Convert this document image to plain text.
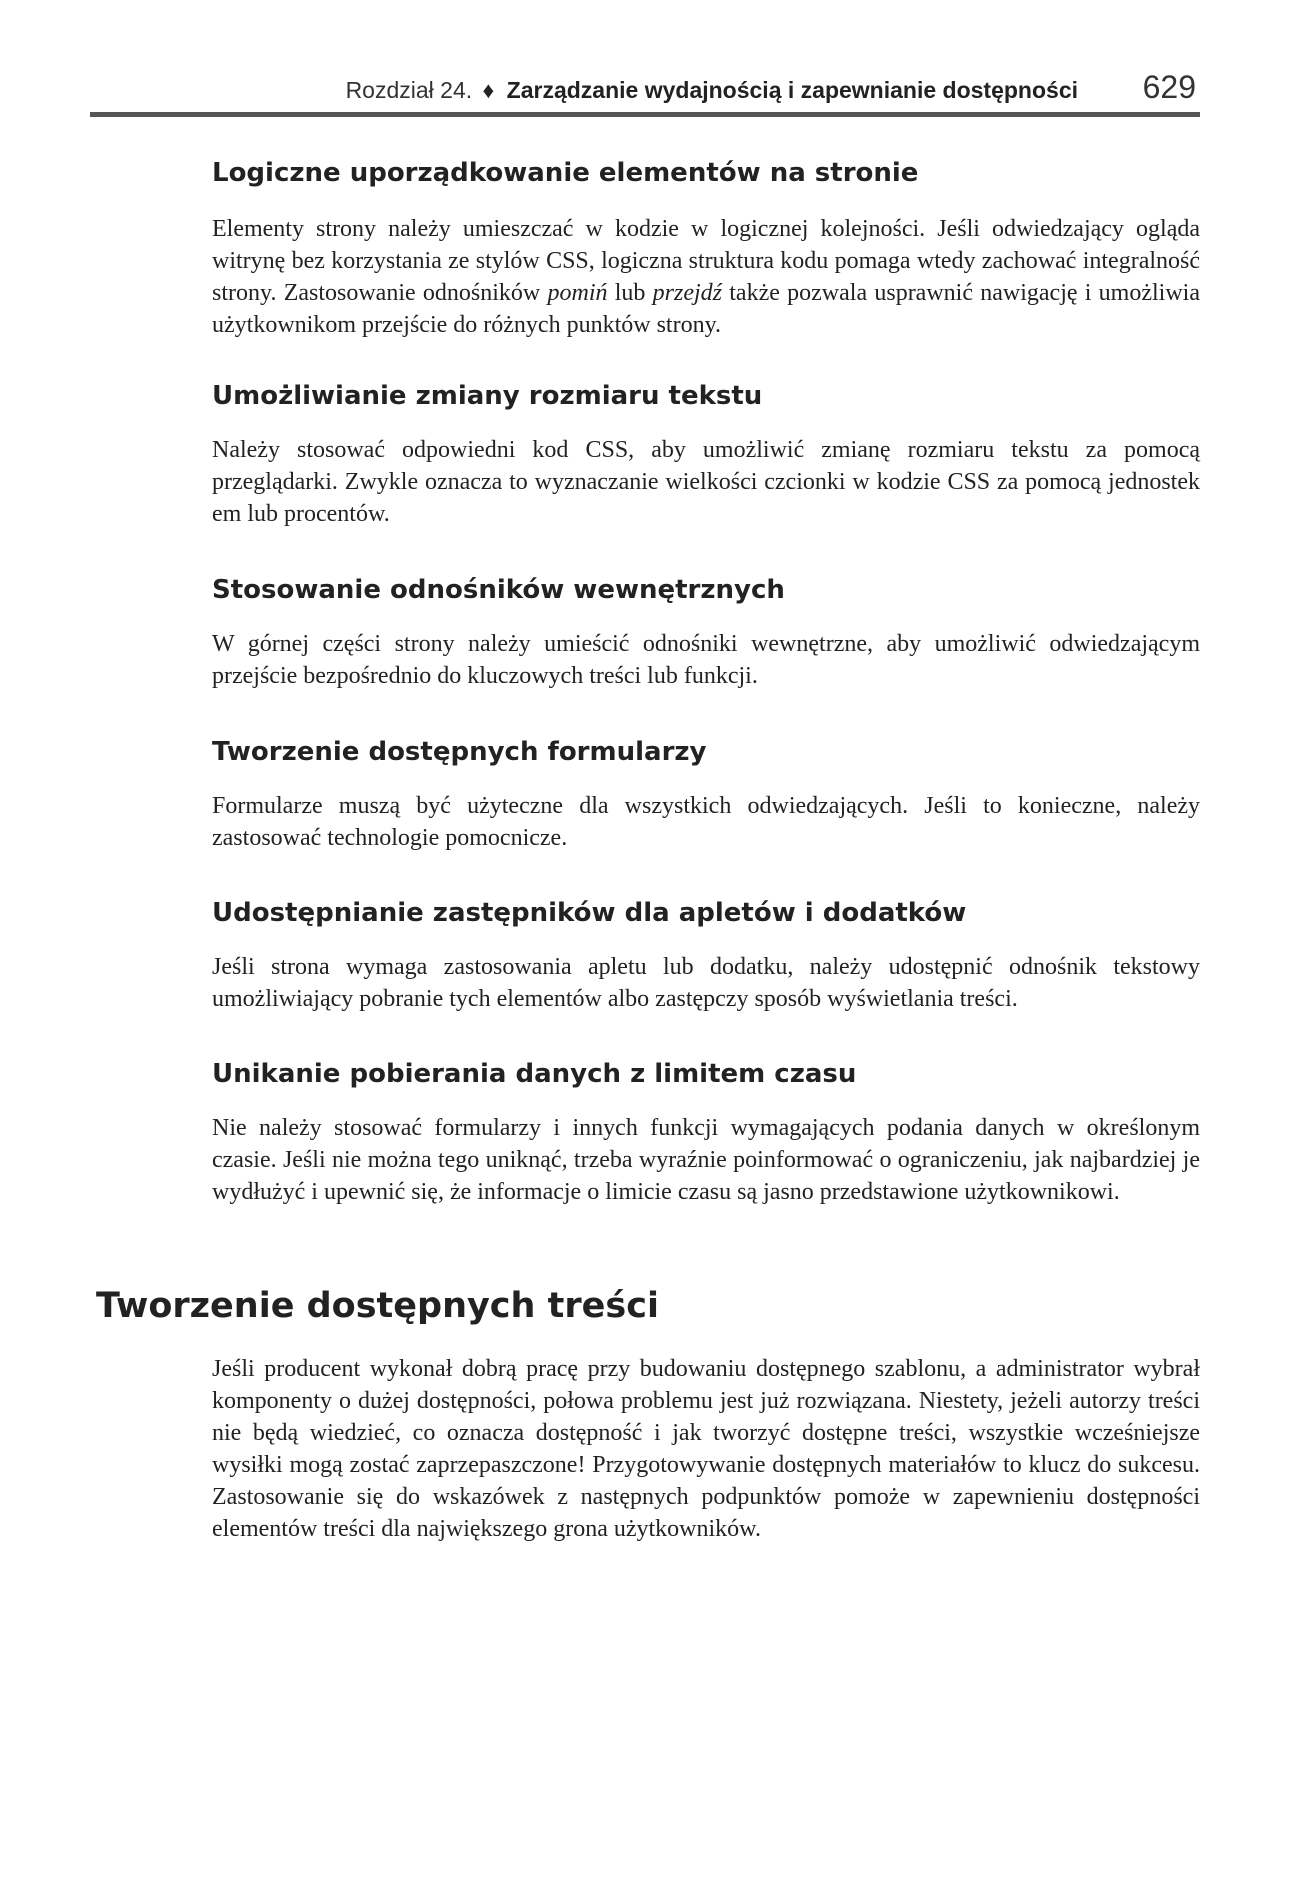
Rozdział 24. ♦ Zarządzanie wydajnością i zapewnianie dostępności 629
Logiczne uporządkowanie elementów na stronie

Elementy strony należy umieszczać w kodzie w logicznej kolejności. Jeśli odwiedzający ogląda witrynę bez korzystania ze stylów CSS, logiczna struktura kodu pomaga wtedy zachować integralność strony. Zastosowanie odnośników pomiń lub przejdź także pozwala usprawnić nawigację i umożliwia użytkownikom przejście do różnych punktów strony.

Umożliwianie zmiany rozmiaru tekstu

Należy stosować odpowiedni kod CSS, aby umożliwić zmianę rozmiaru tekstu za pomocą przeglądarki. Zwykle oznacza to wyznaczanie wielkości czcionki w kodzie CSS za pomocą jednostek em lub procentów.

Stosowanie odnośników wewnętrznych

W górnej części strony należy umieścić odnośniki wewnętrzne, aby umożliwić odwiedzającym przejście bezpośrednio do kluczowych treści lub funkcji.

Tworzenie dostępnych formularzy

Formularze muszą być użyteczne dla wszystkich odwiedzających. Jeśli to konieczne, należy zastosować technologie pomocnicze.

Udostępnianie zastępników dla apletów i dodatków

Jeśli strona wymaga zastosowania apletu lub dodatku, należy udostępnić odnośnik tekstowy umożliwiający pobranie tych elementów albo zastępczy sposób wyświetlania treści.

Unikanie pobierania danych z limitem czasu

Nie należy stosować formularzy i innych funkcji wymagających podania danych w określonym czasie. Jeśli nie można tego uniknąć, trzeba wyraźnie poinformować o ograniczeniu, jak najbardziej je wydłużyć i upewnić się, że informacje o limicie czasu są jasno przedstawione użytkownikowi.

Tworzenie dostępnych treści

Jeśli producent wykonał dobrą pracę przy budowaniu dostępnego szablonu, a administrator wybrał komponenty o dużej dostępności, połowa problemu jest już rozwiązana. Niestety, jeżeli autorzy treści nie będą wiedzieć, co oznacza dostępność i jak tworzyć dostępne treści, wszystkie wcześniejsze wysiłki mogą zostać zaprzepaszczone! Przygotowywanie dostępnych materiałów to klucz do sukcesu. Zastosowanie się do wskazówek z następnych podpunktów pomoże w zapewnieniu dostępności elementów treści dla największego grona użytkowników.
